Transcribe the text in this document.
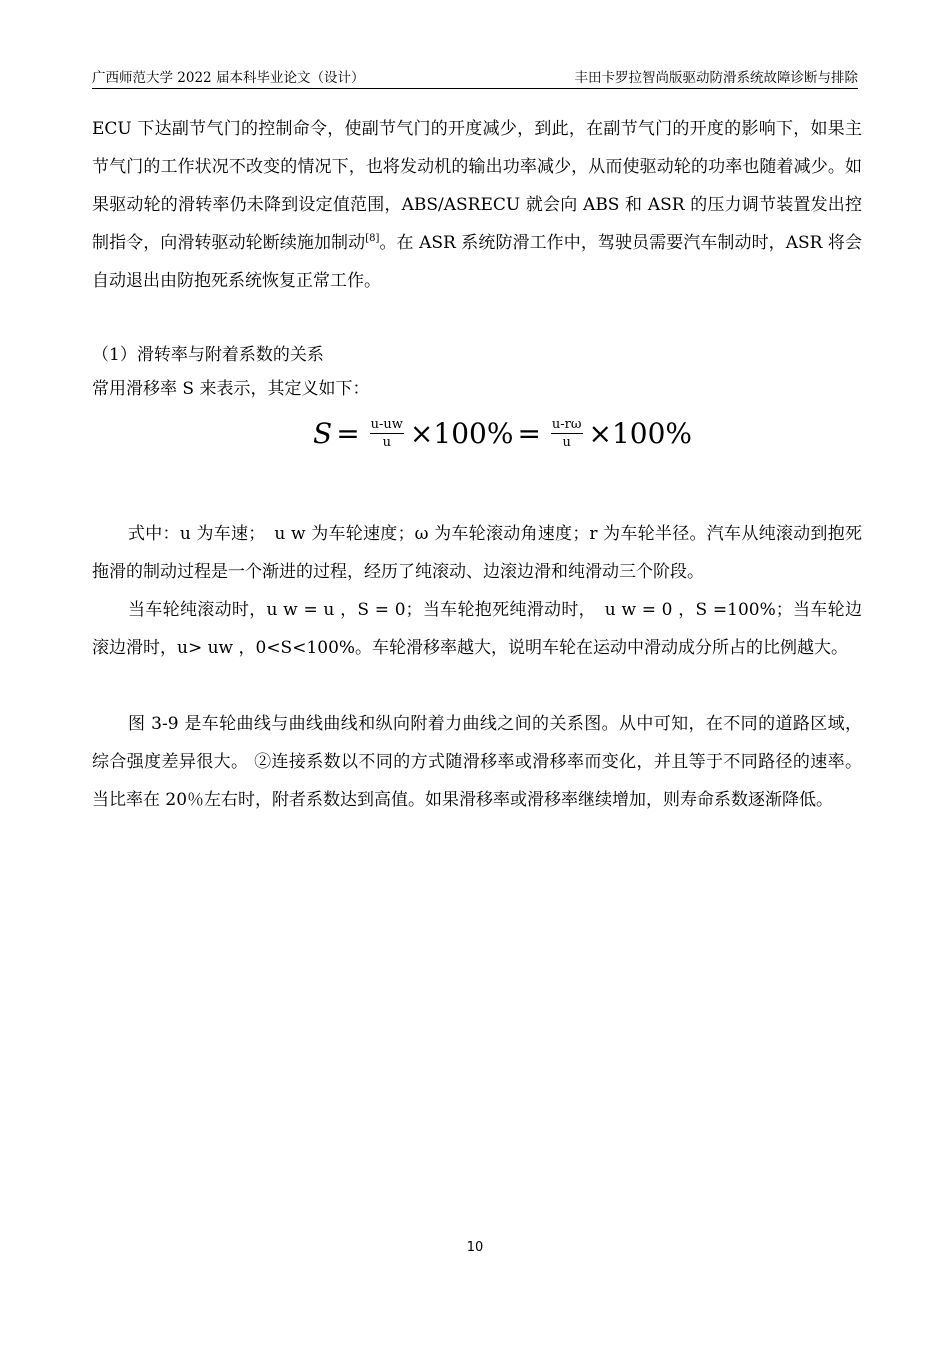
广西师范大学 2022 届本科毕业论文（设计）	丰田卡罗拉智尚版驱动防滑系统故障诊断与排除

ECU 下达副节气门的控制命令，使副节气门的开度减少，到此，在副节气门的开度的影响下，如果主节气门的工作状况不改变的情况下，也将发动机的输出功率减少，从而使驱动轮的功率也随着减少。如果驱动轮的滑转率仍未降到设定值范围，ABS/ASRECU 就会向 ABS 和 ASR 的压力调节装置发出控制指令，向滑转驱动轮断续施加制动[8]。在 ASR 系统防滑工作中，驾驶员需要汽车制动时，ASR 将会自动退出由防抱死系统恢复正常工作。

（1）滑转率与附着系数的关系

常用滑移率 S 来表示，其定义如下：

$S = \frac{u-uw}{u} \times 100\% = \frac{u-r\omega}{u} \times 100\%$

式中：u 为车速；　u w 为车轮速度；ω 为车轮滚动角速度；r 为车轮半径。汽车从纯滚动到抱死拖滑的制动过程是一个渐进的过程，经历了纯滚动、边滚边滑和纯滑动三个阶段。

当车轮纯滚动时，u w = u ，S = 0；当车轮抱死纯滑动时，　u w = 0 ，S =100%；当车轮边滚边滑时，u> uw ，0<S<100%。车轮滑移率越大，说明车轮在运动中滑动成分所占的比例越大。

图 3-9 是车轮曲线与曲线曲线和纵向附着力曲线之间的关系图。从中可知，在不同的道路区域，综合强度差异很大。 ②连接系数以不同的方式随滑移率或滑移率而变化，并且等于不同路径的速率。当比率在 20％左右时，附者系数达到高值。如果滑移率或滑移率继续增加，则寿命系数逐渐降低。

10
